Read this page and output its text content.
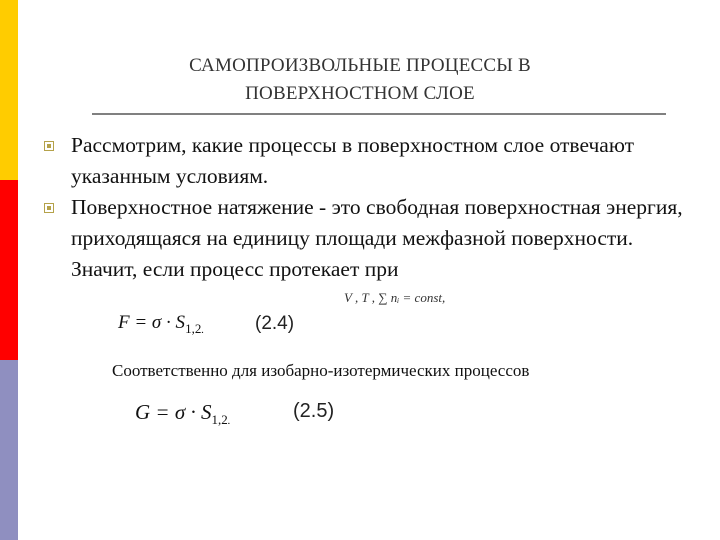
САМОПРОИЗВОЛЬНЫЕ ПРОЦЕССЫ В
ПОВЕРХНОСТНОМ СЛОЕ
Рассмотрим, какие процессы в поверхностном слое отвечают указанным условиям.
Поверхностное натяжение - это свободная поверхностная энергия, приходящаяся на единицу площади межфазной поверхности. Значит, если процесс протекает при
V , T , ∑ nᵢ = const,
$F = \sigma \cdot S_{1,2.}$	(2.4)
Соответственно для изобарно-изотермических процессов
$G = \sigma \cdot S_{1,2.}$	(2.5)
